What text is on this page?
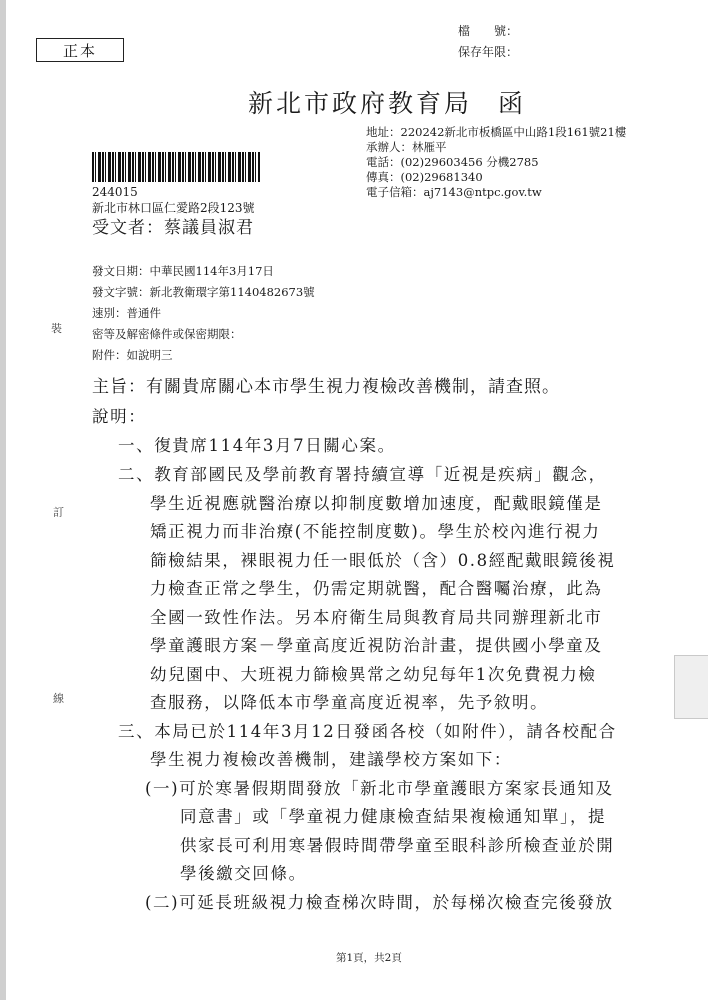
正本
檔　　號：
保存年限：
新北市政府教育局 函
地址：220242新北市板橋區中山路1段161號21樓
承辦人：林雁平
電話：(02)29603456 分機2785
傳真：(02)29681340
電子信箱：aj7143@ntpc.gov.tw
244015
新北市林口區仁愛路2段123號
受文者：蔡議員淑君
發文日期：中華民國114年3月17日
發文字號：新北教衛環字第1140482673號
速別：普通件
密等及解密條件或保密期限：
附件：如說明三
主旨：有關貴席關心本市學生視力複檢改善機制，請查照。
說明：
一、復貴席114年3月7日關心案。
二、教育部國民及學前教育署持續宣導「近視是疾病」觀念，
學生近視應就醫治療以抑制度數增加速度，配戴眼鏡僅是
矯正視力而非治療(不能控制度數)。學生於校內進行視力
篩檢結果，裸眼視力任一眼低於（含）0.8經配戴眼鏡後視
力檢查正常之學生，仍需定期就醫，配合醫囑治療，此為
全國一致性作法。另本府衛生局與教育局共同辦理新北市
學童護眼方案－學童高度近視防治計畫，提供國小學童及
幼兒園中、大班視力篩檢異常之幼兒每年1次免費視力檢
查服務，以降低本市學童高度近視率，先予敘明。
三、本局已於114年3月12日發函各校（如附件），請各校配合
學生視力複檢改善機制，建議學校方案如下：
(一)可於寒暑假期間發放「新北市學童護眼方案家長通知及
同意書」或「學童視力健康檢查結果複檢通知單」，提
供家長可利用寒暑假時間帶學童至眼科診所檢查並於開
學後繳交回條。
(二)可延長班級視力檢查梯次時間，於每梯次檢查完後發放
裝
訂
線
第1頁，共2頁
